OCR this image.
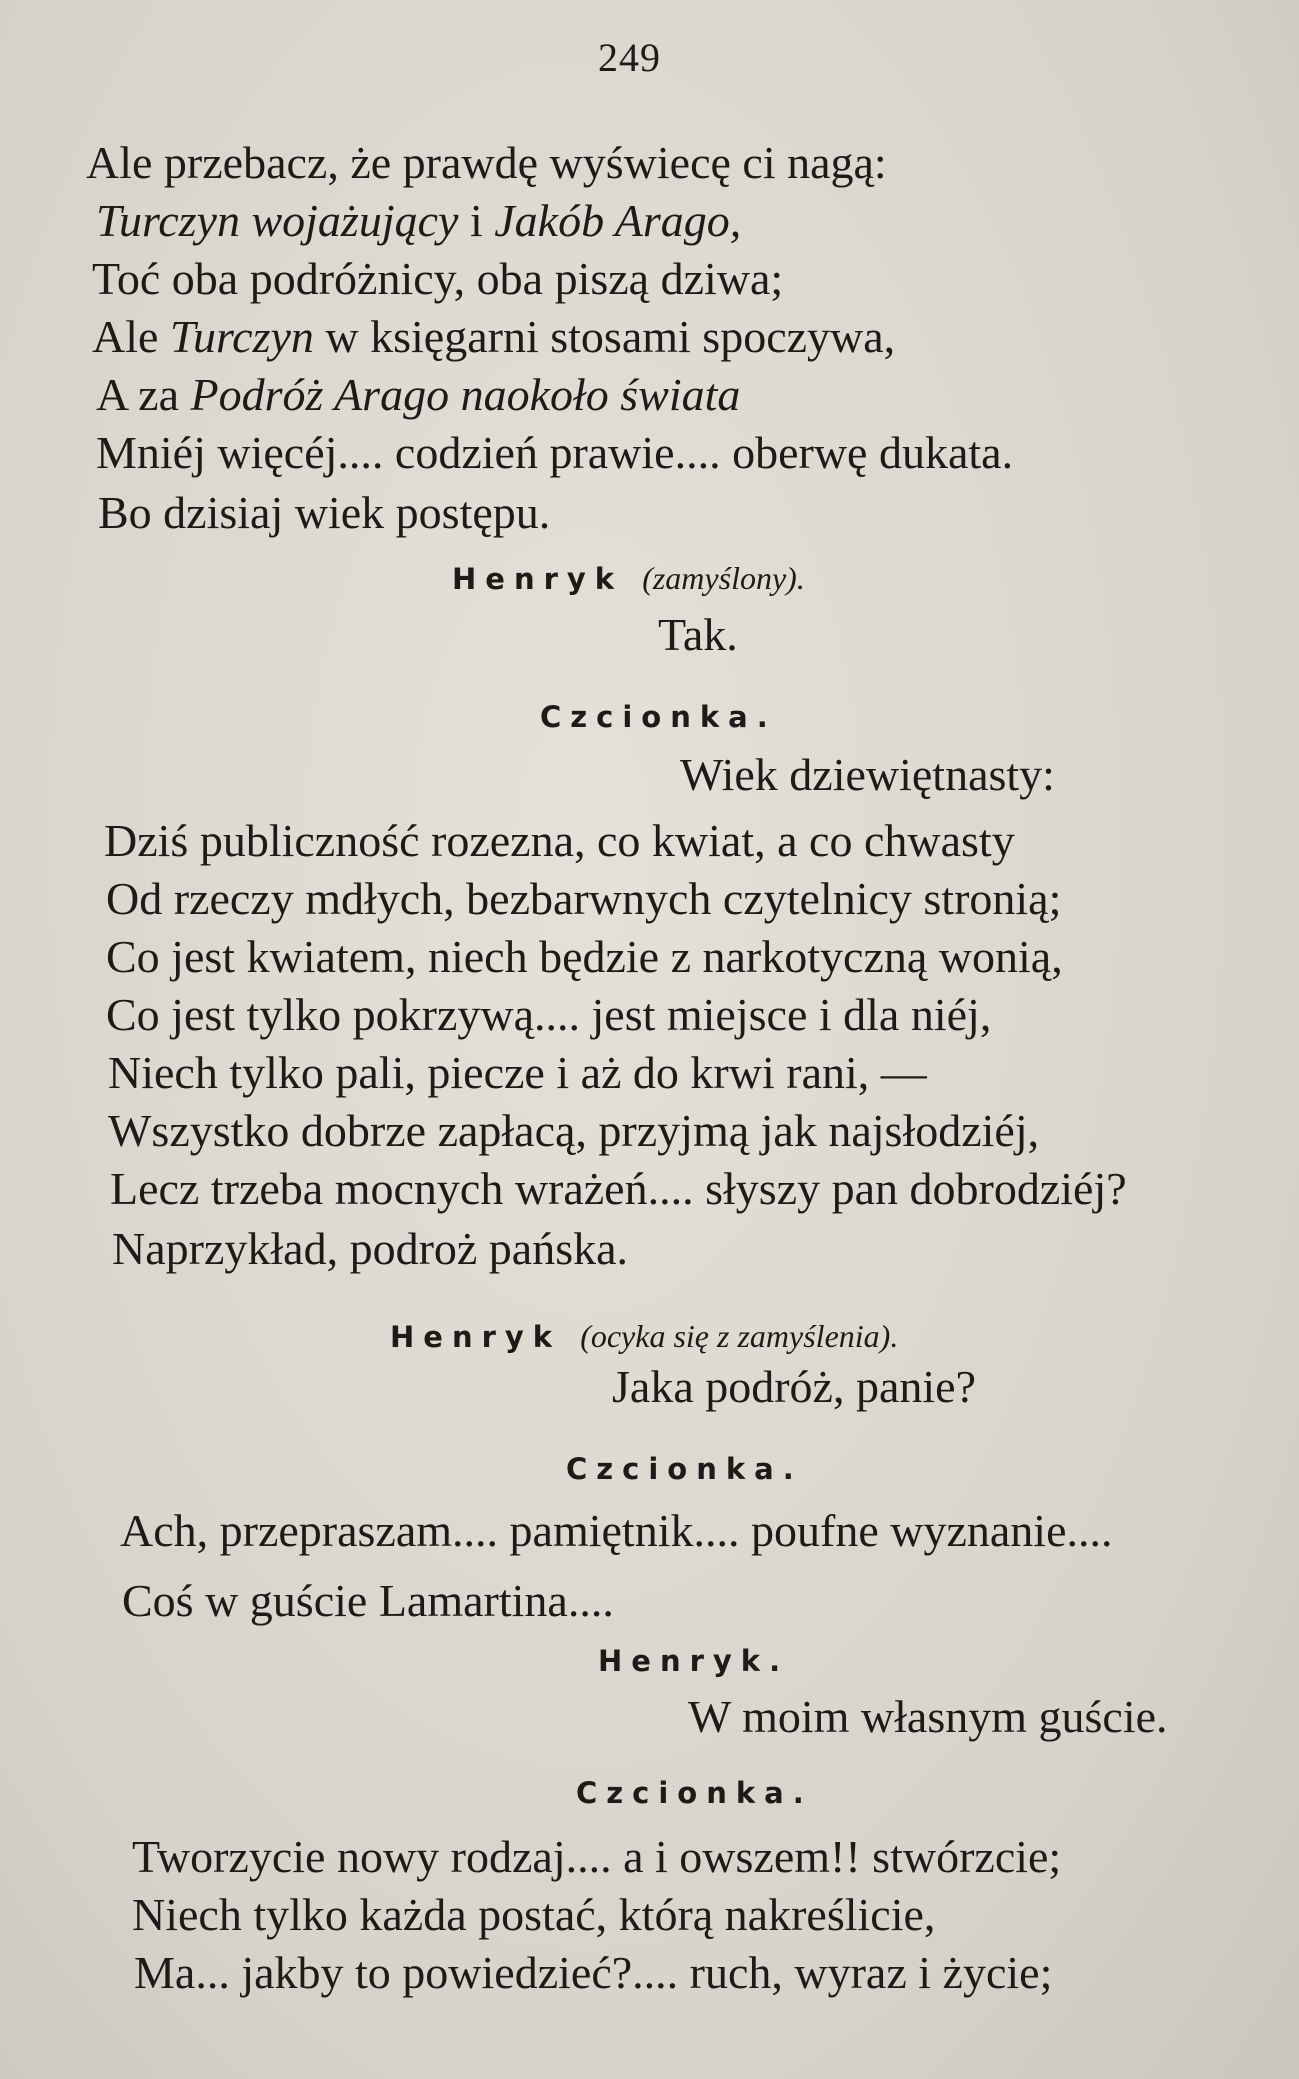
249
Ale przebacz, że prawdę wyświecę ci nagą:
Turczyn wojażujący i Jakób Arago,
Toć oba podróżnicy, oba piszą dziwa;
Ale Turczyn w księgarni stosami spoczywa,
A za Podróż Arago naokoło świata
Mniéj więcéj.... codzień prawie.... oberwę dukata.
Bo dzisiaj wiek postępu.
Henryk (zamyślony).
Tak.
Czcionka.
Wiek dziewiętnasty:
Dziś publiczność rozezna, co kwiat, a co chwasty
Od rzeczy mdłych, bezbarwnych czytelnicy stronią;
Co jest kwiatem, niech będzie z narkotyczną wonią,
Co jest tylko pokrzywą.... jest miejsce i dla niéj,
Niech tylko pali, piecze i aż do krwi rani, —
Wszystko dobrze zapłacą, przyjmą jak najsłodziéj,
Lecz trzeba mocnych wrażeń.... słyszy pan dobrodziéj?
Naprzykład, podroż pańska.
Henryk (ocyka się z zamyślenia).
Jaka podróż, panie?
Czcionka.
Ach, przepraszam.... pamiętnik.... poufne wyznanie....
Coś w guście Lamartina....
Henryk.
W moim własnym guście.
Czcionka.
Tworzycie nowy rodzaj.... a i owszem!! stwórzcie;
Niech tylko każda postać, którą nakreślicie,
Ma... jakby to powiedzieć?.... ruch, wyraz i życie;
